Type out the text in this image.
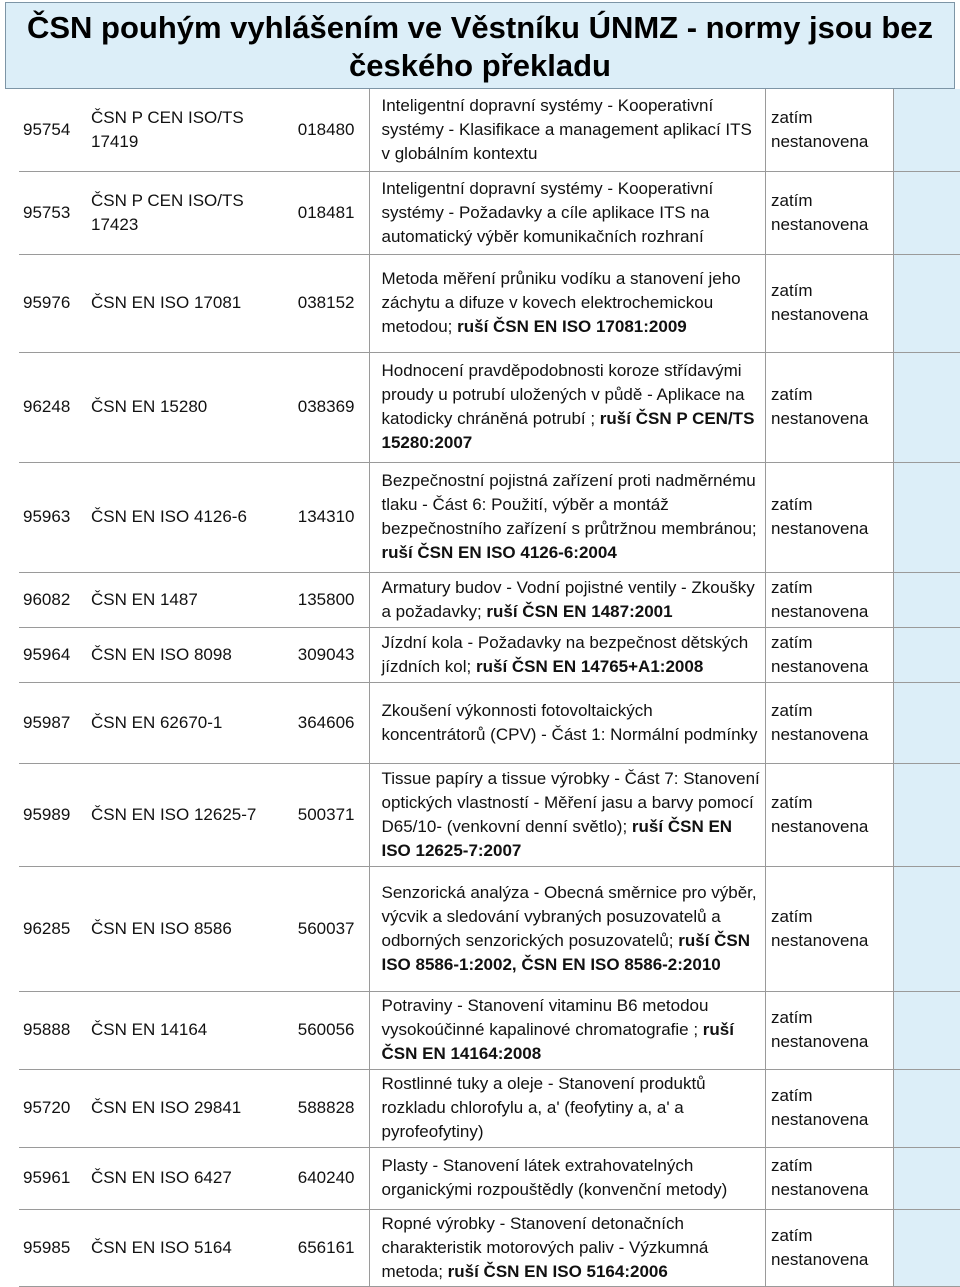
ČSN pouhým vyhlášením ve Věstníku ÚNMZ - normy jsou bez českého překladu
95754	ČSN P CEN ISO/TS 17419	018480		Inteligentní dopravní systémy - Kooperativní systémy - Klasifikace a management aplikací ITS v globálním kontextu	zatím
nestanovena	
95753	ČSN P CEN ISO/TS 17423	018481		Inteligentní dopravní systémy - Kooperativní systémy - Požadavky a cíle aplikace ITS na automatický výběr komunikačních rozhraní	zatím
nestanovena	
95976	ČSN EN ISO 17081	038152		Metoda měření průniku vodíku a stanovení jeho záchytu a difuze v kovech elektrochemickou metodou; ruší ČSN EN ISO 17081:2009	zatím
nestanovena	
96248	ČSN EN 15280	038369		Hodnocení pravděpodobnosti koroze střídavými proudy u potrubí uložených v půdě - Aplikace na katodicky chráněná potrubí ; ruší ČSN P CEN/TS 15280:2007	zatím
nestanovena	
95963	ČSN EN ISO 4126-6	134310		Bezpečnostní pojistná zařízení proti nadměrnému tlaku - Část 6: Použití, výběr a montáž bezpečnostního zařízení s průtržnou membránou; ruší ČSN EN ISO 4126-6:2004	zatím
nestanovena	
96082	ČSN EN 1487	135800		Armatury budov - Vodní pojistné ventily - Zkoušky a požadavky; ruší ČSN EN 1487:2001	zatím
nestanovena	
95964	ČSN EN ISO 8098	309043		Jízdní kola - Požadavky na bezpečnost dětských jízdních kol; ruší ČSN EN 14765+A1:2008	zatím
nestanovena	
95987	ČSN EN 62670-1	364606		Zkoušení výkonnosti fotovoltaických koncentrátorů (CPV) - Část 1: Normální podmínky	zatím
nestanovena	
95989	ČSN EN ISO 12625-7	500371		Tissue papíry a tissue výrobky - Část 7: Stanovení optických vlastností - Měření jasu a barvy pomocí D65/10- (venkovní denní světlo); ruší ČSN EN ISO 12625-7:2007	zatím
nestanovena	
96285	ČSN EN ISO 8586	560037		Senzorická analýza - Obecná směrnice pro výběr, výcvik a sledování vybraných posuzovatelů a odborných senzorických posuzovatelů; ruší ČSN ISO 8586-1:2002, ČSN EN ISO 8586-2:2010	zatím
nestanovena	
95888	ČSN EN 14164	560056		Potraviny - Stanovení vitaminu B6 metodou vysokoúčinné kapalinové chromatografie ; ruší ČSN EN 14164:2008	zatím
nestanovena	
95720	ČSN EN ISO 29841	588828		Rostlinné tuky a oleje - Stanovení produktů rozkladu chlorofylu a, a' (feofytiny a, a' a pyrofeofytiny)	zatím
nestanovena	
95961	ČSN EN ISO 6427	640240		Plasty - Stanovení látek extrahovatelných organickými rozpouštědly (konvenční metody)	zatím
nestanovena	
95985	ČSN EN ISO 5164	656161		Ropné výrobky - Stanovení detonačních charakteristik motorových paliv - Výzkumná metoda; ruší ČSN EN ISO 5164:2006	zatím
nestanovena	
